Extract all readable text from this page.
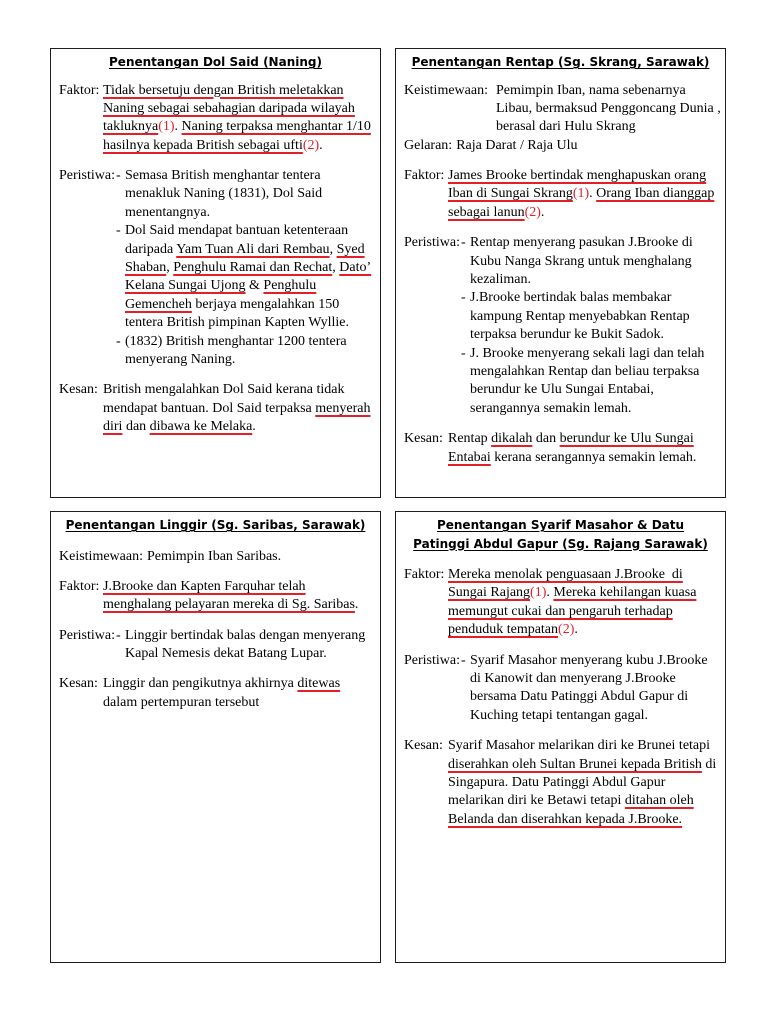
Penentangan Dol Said (Naning)
Faktor: Tidak bersetuju dengan British meletakkan
Naning sebagai sebahagian daripada wilayah
takluknya(1). Naning terpaksa menghantar 1/10
hasilnya kepada British sebagai ufti(2).
Peristiwa: - Semasa British menghantar tentera
menakluk Naning (1831), Dol Said
menentangnya.
- Dol Said mendapat bantuan ketenteraan
daripada Yam Tuan Ali dari Rembau, Syed
Shaban, Penghulu Ramai dan Rechat, Dato’
Kelana Sungai Ujong & Penghulu
Gemencheh berjaya mengalahkan 150
tentera British pimpinan Kapten Wyllie.
- (1832) British menghantar 1200 tentera
menyerang Naning.
Kesan: British mengalahkan Dol Said kerana tidak
mendapat bantuan. Dol Said terpaksa menyerah
diri dan dibawa ke Melaka.
Penentangan Rentap (Sg. Skrang, Sarawak)
Keistimewaan: Pemimpin Iban, nama sebenarnya
Libau, bermaksud Penggoncang Dunia ,
berasal dari Hulu Skrang
Gelaran: Raja Darat / Raja Ulu
Faktor: James Brooke bertindak menghapuskan orang
Iban di Sungai Skrang(1). Orang Iban dianggap
sebagai lanun(2).
Peristiwa: - Rentap menyerang pasukan J.Brooke di
Kubu Nanga Skrang untuk menghalang
kezaliman.
- J.Brooke bertindak balas membakar
kampung Rentap menyebabkan Rentap
terpaksa berundur ke Bukit Sadok.
- J. Brooke menyerang sekali lagi dan telah
mengalahkan Rentap dan beliau terpaksa
berundur ke Ulu Sungai Entabai,
serangannya semakin lemah.
Kesan: Rentap dikalah dan berundur ke Ulu Sungai
Entabai kerana serangannya semakin lemah.
Penentangan Linggir (Sg. Saribas, Sarawak)
Keistimewaan: Pemimpin Iban Saribas.
Faktor: J.Brooke dan Kapten Farquhar telah
menghalang pelayaran mereka di Sg. Saribas.
Peristiwa: - Linggir bertindak balas dengan menyerang
Kapal Nemesis dekat Batang Lupar.
Kesan: Linggir dan pengikutnya akhirnya ditewas
dalam pertempuran tersebut
Penentangan Syarif Masahor & Datu
Patinggi Abdul Gapur (Sg. Rajang Sarawak)
Faktor: Mereka menolak penguasaan J.Brooke  di
Sungai Rajang(1). Mereka kehilangan kuasa
memungut cukai dan pengaruh terhadap
penduduk tempatan(2).
Peristiwa: - Syarif Masahor menyerang kubu J.Brooke
di Kanowit dan menyerang J.Brooke
bersama Datu Patinggi Abdul Gapur di
Kuching tetapi tentangan gagal.
Kesan: Syarif Masahor melarikan diri ke Brunei tetapi
diserahkan oleh Sultan Brunei kepada British di
Singapura. Datu Patinggi Abdul Gapur
melarikan diri ke Betawi tetapi ditahan oleh
Belanda dan diserahkan kepada J.Brooke.
